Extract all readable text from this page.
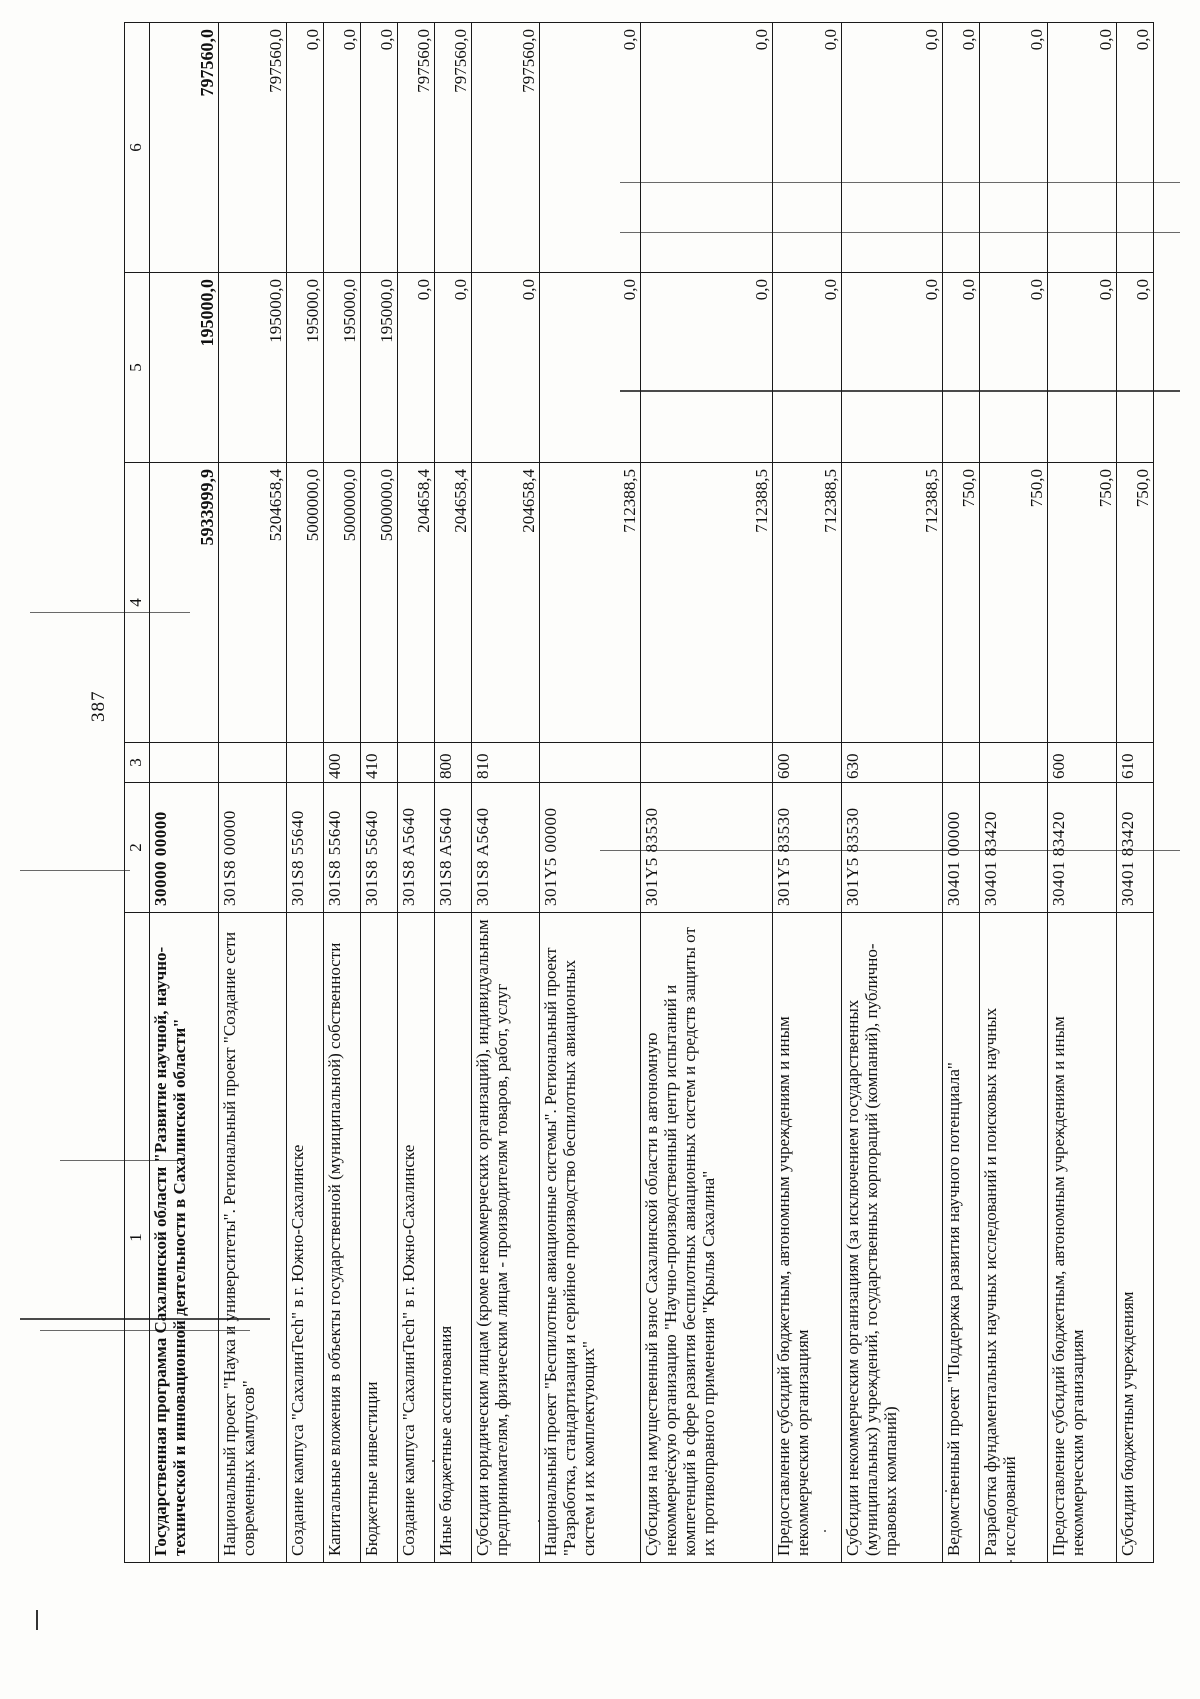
387
1	2	3	4	5	6
Государственная программа Сахалинской области "Развитие научной, научно-технической и инновационной деятельности в Сахалинской области"	30000 00000		5933999,9	195000,0	797560,0
Национальный проект "Наука и университеты". Региональный проект "Создание сети современных кампусов"	301S8 00000		5204658,4	195000,0	797560,0
Создание кампуса "СахалинTech" в г. Южно-Сахалинске	301S8 55640		5000000,0	195000,0	0,0
Капитальные вложения в объекты государственной (муниципальной) собственности	301S8 55640	400	5000000,0	195000,0	0,0
Бюджетные инвестиции	301S8 55640	410	5000000,0	195000,0	0,0
Создание кампуса "СахалинTech" в г. Южно-Сахалинске	301S8 A5640		204658,4	0,0	797560,0
Иные бюджетные ассигнования	301S8 A5640	800	204658,4	0,0	797560,0
Субсидии юридическим лицам (кроме некоммерческих организаций), индивидуальным предпринимателям, физическим лицам - производителям товаров, работ, услуг	301S8 A5640	810	204658,4	0,0	797560,0
Национальный проект "Беспилотные авиационные системы". Региональный проект "Разработка, стандартизация и серийное производство беспилотных авиационных систем и их комплектующих"	301Y5 00000		712388,5	0,0	0,0
Субсидия на имущественный взнос Сахалинской области в автономную некоммерческую организацию "Научно-производственный центр испытаний и компетенций в сфере развития беспилотных авиационных систем и средств защиты от их противоправного применения "Крылья Сахалина"	301Y5 83530		712388,5	0,0	0,0
Предоставление субсидий бюджетным, автономным учреждениям и иным некоммерческим организациям	301Y5 83530	600	712388,5	0,0	0,0
Субсидии некоммерческим организациям (за исключением государственных (муниципальных) учреждений, государственных корпораций (компаний), публично-правовых компаний)	301Y5 83530	630	712388,5	0,0	0,0
Ведомственный проект "Поддержка развития научного потенциала"	30401 00000		750,0	0,0	0,0
Разработка фундаментальных научных исследований и поисковых научных исследований	30401 83420		750,0	0,0	0,0
Предоставление субсидий бюджетным, автономным учреждениям и иным некоммерческим организациям	30401 83420	600	750,0	0,0	0,0
Субсидии бюджетным учреждениям	30401 83420	610	750,0	0,0	0,0
